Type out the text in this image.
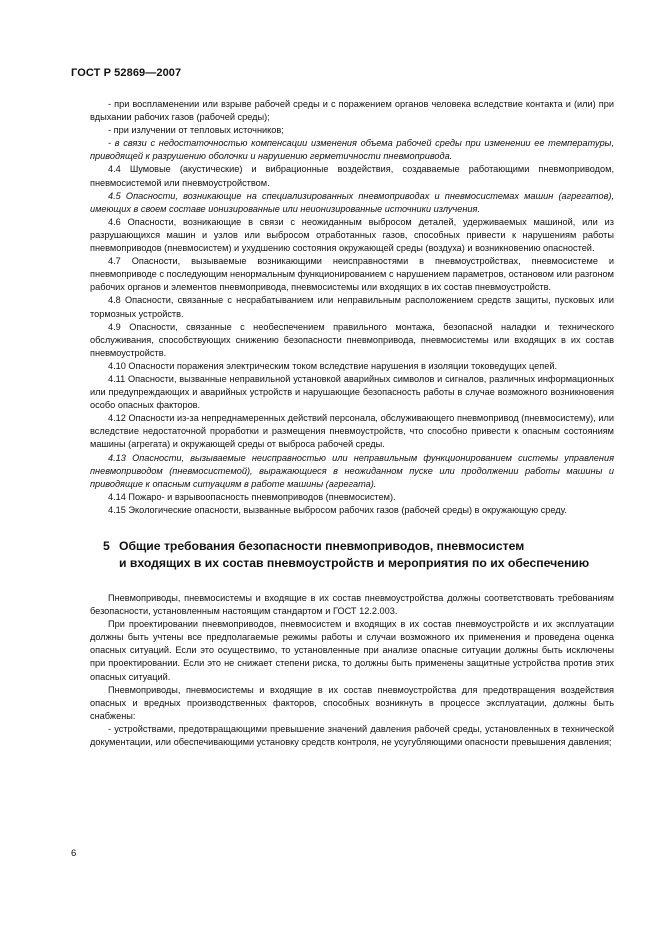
ГОСТ Р 52869—2007

- при воспламенении или взрыве рабочей среды и с поражением органов человека вследствие контакта и (или) при вдыхании рабочих газов (рабочей среды);

- при излучении от тепловых источников;

- в связи с недостаточностью компенсации изменения объема рабочей среды при изменении ее температуры, приводящей к разрушению оболочки и нарушению герметичности пневмопривода.

4.4 Шумовые (акустические) и вибрационные воздействия, создаваемые работающими пневмоприводом, пневмосистемой или пневмоустройством.

4.5 Опасности, возникающие на специализированных пневмоприводах и пневмосистемах машин (агрегатов), имеющих в своем составе ионизированные или неионизированные источники излучения.

4.6 Опасности, возникающие в связи с неожиданным выбросом деталей, удерживаемых машиной, или из разрушающихся машин и узлов или выбросом отработанных газов, способных привести к нарушениям работы пневмоприводов (пневмосистем) и ухудшению состояния окружающей среды (воздуха) и возникновению опасностей.

4.7 Опасности, вызываемые возникающими неисправностями в пневмоустройствах, пневмосистеме и пневмоприводе с последующим ненормальным функционированием с нарушением параметров, остановом или разгоном рабочих органов и элементов пневмопривода, пневмосистемы или входящих в их состав пневмоустройств.

4.8 Опасности, связанные с несрабатыванием или неправильным расположением средств защиты, пусковых или тормозных устройств.

4.9 Опасности, связанные с необеспечением правильного монтажа, безопасной наладки и технического обслуживания, способствующих снижению безопасности пневмопривода, пневмосистемы или входящих в их состав пневмоустройств.

4.10 Опасности поражения электрическим током вследствие нарушения в изоляции токоведущих цепей.

4.11 Опасности, вызванные неправильной установкой аварийных символов и сигналов, различных информационных или предупреждающих и аварийных устройств и нарушающие безопасность работы в случае возможного возникновения особо опасных факторов.

4.12 Опасности из-за непреднамеренных действий персонала, обслуживающего пневмопривод (пневмосистему), или вследствие недостаточной проработки и размещения пневмоустройств, что способно привести к опасным состояниям машины (агрегата) и окружающей среды от выброса рабочей среды.

4.13 Опасности, вызываемые неисправностью или неправильным функционированием системы управления пневмоприводом (пневмосистемой), выражающиеся в неожиданном пуске или продолжении работы машины и приводящие к опасным ситуациям в работе машины (агрегата).

4.14 Пожаро- и взрывоопасность пневмоприводов (пневмосистем).

4.15 Экологические опасности, вызванные выбросом рабочих газов (рабочей среды) в окружающую среду.

5 Общие требования безопасности пневмоприводов, пневмосистем
и входящих в их состав пневмоустройств и мероприятия по их обеспечению

Пневмоприводы, пневмосистемы и входящие в их состав пневмоустройства должны соответствовать требованиям безопасности, установленным настоящим стандартом и ГОСТ 12.2.003.

При проектировании пневмоприводов, пневмосистем и входящих в их состав пневмоустройств и их эксплуатации должны быть учтены все предполагаемые режимы работы и случаи возможного их применения и проведена оценка опасных ситуаций. Если это осуществимо, то установленные при анализе опасные ситуации должны быть исключены при проектировании. Если это не снижает степени риска, то должны быть применены защитные устройства против этих опасных ситуаций.

Пневмоприводы, пневмосистемы и входящие в их состав пневмоустройства для предотвращения воздействия опасных и вредных производственных факторов, способных возникнуть в процессе эксплуатации, должны быть снабжены:

- устройствами, предотвращающими превышение значений давления рабочей среды, установленных в технической документации, или обеспечивающими установку средств контроля, не усугубляющими опасности превышения давления;

6
